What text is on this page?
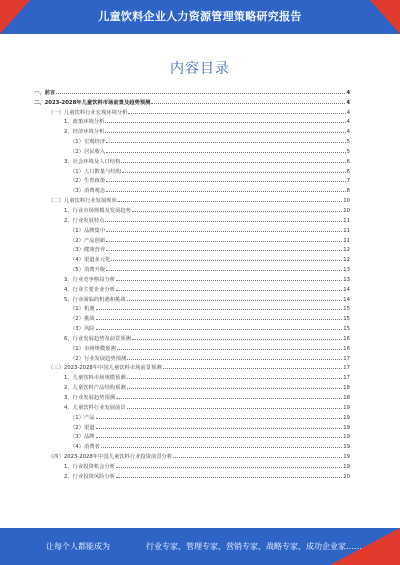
儿童饮料企业人力资源管理策略研究报告
内容目录
一、前言	4
二、2023-2028年儿童饮料市场前景及趋势预测	4
（一）儿童饮料行业宏观环境分析	4
1、政策环境分析	4
2、经济环境分析	4
（1）宏观经济	5
（2）居民收入	5
3、社会环境及人口结构	6
（1）人口数量与结构	6
（2）生育政策	7
（3）消费观念	8
（二）儿童饮料行业发展现状	10
1、行业市场规模及发展趋势	10
2、行业发展特点	11
（1）品牌集中	11
（2）产品创新	11
（3）健康营养	12
（4）渠道多元化	12
（5）消费升级	13
3、行业竞争格局分析	13
4、行业主要企业分析	14
5、行业面临的机遇和挑战	14
（1）机遇	15
（2）挑战	15
（3）风险	15
6、行业发展趋势及前景预测	16
（1）市场规模预测	16
（2）行业发展趋势预测	17
（三）2023-2028年中国儿童饮料市场前景预测	17
1、儿童饮料市场规模预测	17
2、儿童饮料产品结构预测	18
3、行业发展趋势预测	18
4、儿童饮料行业发展前景	19
（1）产品	19
（2）渠道	19
（3）品牌	19
（4）消费者	19
（四）2023-2028年中国儿童饮料行业投资前景分析	19
1、行业投资机会分析	19
2、行业投资风险分析	20
让每个人都能成为	行业专家、管理专家、营销专家、战略专家、成功企业家……
